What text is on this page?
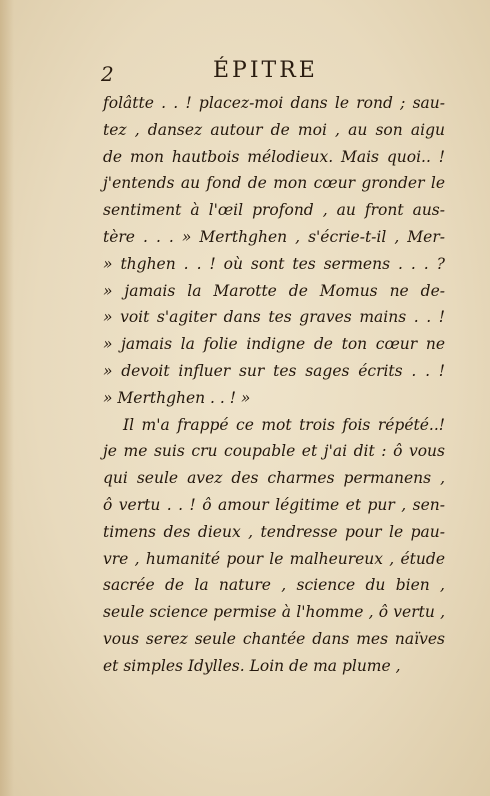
2	ÉPITRE
folâtte . . ! placez-moi dans le rond ; sau-
tez , dansez autour de moi , au son aigu
de mon hautbois mélodieux. Mais quoi.. !
j'entends au fond de mon cœur gronder le
sentiment à l'œil profond , au front aus-
tère . . . » Merthghen , s'écrie-t-il , Mer-
» thghen . . ! où sont tes sermens . . . ?
» jamais la Marotte de Momus ne de-
» voit s'agiter dans tes graves mains . . !
» jamais la folie indigne de ton cœur ne
» devoit influer sur tes sages écrits . . !
» Merthghen . . ! »
Il m'a frappé ce mot trois fois répété..!
je me suis cru coupable et j'ai dit : ô vous
qui seule avez des charmes permanens ,
ô vertu . . ! ô amour légitime et pur , sen-
timens des dieux , tendresse pour le pau-
vre , humanité pour le malheureux , étude
sacrée de la nature , science du bien ,
seule science permise à l'homme , ô vertu ,
vous serez seule chantée dans mes naïves
et simples Idylles. Loin de ma plume ,
